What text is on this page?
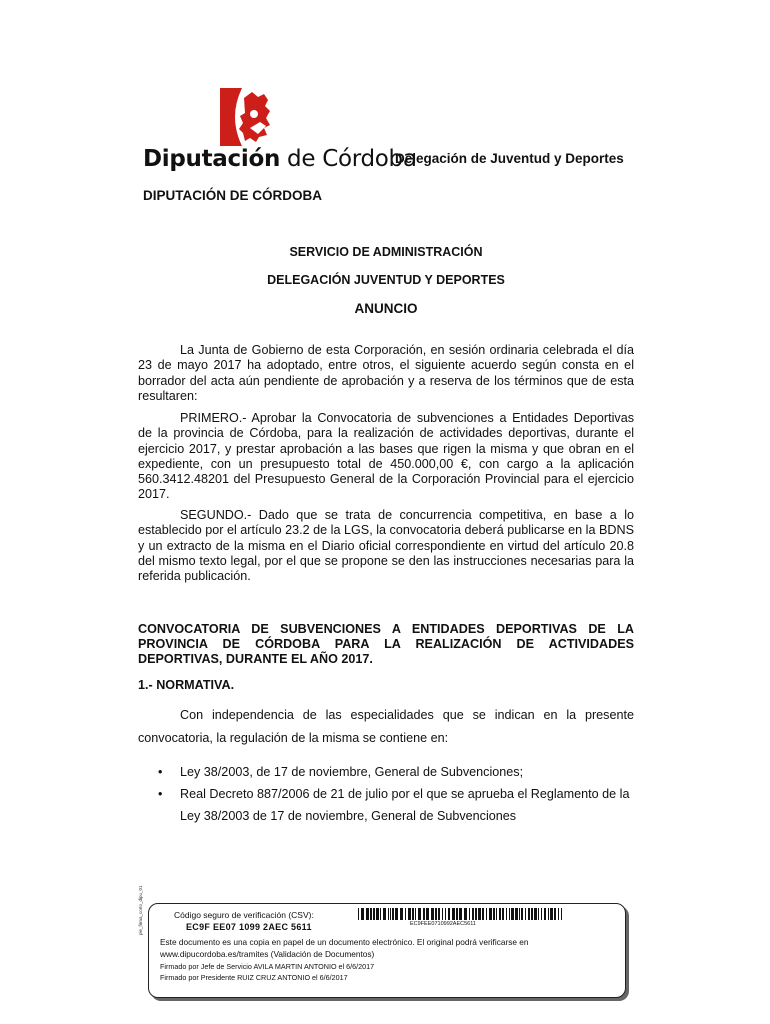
Diputación de Córdoba
Delegación de Juventud y Deportes
DIPUTACIÓN DE CÓRDOBA
SERVICIO DE ADMINISTRACIÓN
DELEGACIÓN JUVENTUD Y DEPORTES
ANUNCIO

La Junta de Gobierno de esta Corporación, en sesión ordinaria celebrada el día 23 de mayo 2017 ha adoptado, entre otros, el siguiente acuerdo según consta en el borrador del acta aún pendiente de aprobación y a reserva de los términos que de esta resultaren:

PRIMERO.- Aprobar la Convocatoria de subvenciones a Entidades Deportivas de la provincia de Córdoba, para la realización de actividades deportivas, durante el ejercicio 2017, y prestar aprobación a las bases que rigen la misma y que obran en el expediente, con un presupuesto total de 450.000,00 €, con cargo a la aplicación 560.3412.48201 del Presupuesto General de la Corporación Provincial para el ejercicio 2017.

SEGUNDO.- Dado que se trata de concurrencia competitiva, en base a lo establecido por el artículo 23.2 de la LGS, la convocatoria deberá publicarse en la BDNS y un extracto de la misma en el Diario oficial correspondiente en virtud del artículo 20.8 del mismo texto legal, por el que se propone se den las instrucciones necesarias para la referida publicación.

CONVOCATORIA DE SUBVENCIONES A ENTIDADES DEPORTIVAS DE LA PROVINCIA DE CÓRDOBA PARA LA REALIZACIÓN DE ACTIVIDADES DEPORTIVAS, DURANTE EL AÑO 2017.
1.- NORMATIVA.

Con independencia de las especialidades que se indican en la presente convocatoria, la regulación de la misma se contiene en:

• Ley 38/2003, de 17 de noviembre, General de Subvenciones;
• Real Decreto 887/2006 de 21 de julio por el que se aprueba el Reglamento de la Ley 38/2003 de 17 de noviembre, General de Subvenciones
Código seguro de verificación (CSV):
EC9F EE07 1099 2AEC 5611	EC9FEE0710992AEC5611
Este documento es una copia en papel de un documento electrónico. El original podrá verificarse en
www.dipucordoba.es/tramites (Validación de Documentos)
Firmado por Jefe de Servicio AVILA MARTIN ANTONIO el 6/6/2017
Firmado por Presidente RUIZ CRUZ ANTONIO el 6/6/2017
pie_firma_corto_dipu_01
